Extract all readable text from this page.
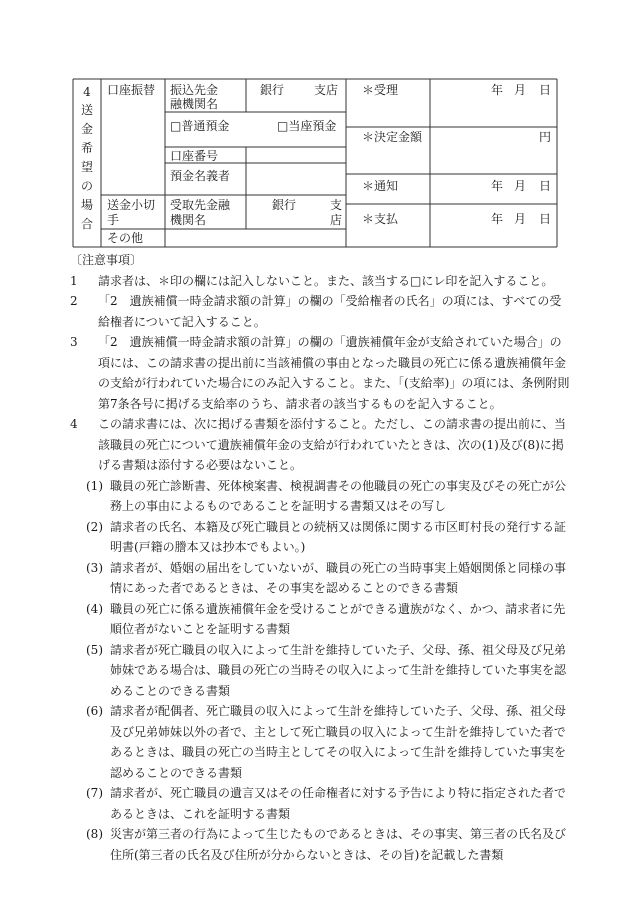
4
送
金
希
望
の
場
合
口座振替 振込先金
融機関名
銀行 支店
□普通預金	□当座預金
口座番号
預金名義者
送金小切
手
受取先金融
機関名
銀行	支
店
その他
＊受理
＊決定金額
＊通知
＊支払
円
年 月 日
年 月 日
年 月 日

〔注意事項〕

1 請求者は、＊印の欄には記入しないこと。また、該当する□にレ印を記入すること。

2 「2　遺族補償一時金請求額の計算」の欄の「受給権者の氏名」の項には、すべての受給権者について記入すること。

3 「2　遺族補償一時金請求額の計算」の欄の「遺族補償年金が支給されていた場合」の項には、この請求書の提出前に当該補償の事由となった職員の死亡に係る遺族補償年金の支給が行われていた場合にのみ記入すること。また、「(支給率)」の項には、条例附則第7条各号に掲げる支給率のうち、請求者の該当するものを記入すること。

4 この請求書には、次に掲げる書類を添付すること。ただし、この請求書の提出前に、当該職員の死亡について遺族補償年金の支給が行われていたときは、次の(1)及び(8)に掲げる書類は添付する必要はないこと。

(1) 職員の死亡診断書、死体検案書、検視調書その他職員の死亡の事実及びその死亡が公務上の事由によるものであることを証明する書類又はその写し

(2) 請求者の氏名、本籍及び死亡職員との続柄又は関係に関する市区町村長の発行する証明書(戸籍の謄本又は抄本でもよい。)

(3) 請求者が、婚姻の届出をしていないが、職員の死亡の当時事実上婚姻関係と同様の事情にあった者であるときは、その事実を認めることのできる書類

(4) 職員の死亡に係る遺族補償年金を受けることができる遺族がなく、かつ、請求者に先順位者がないことを証明する書類

(5) 請求者が死亡職員の収入によって生計を維持していた子、父母、孫、祖父母及び兄弟姉妹である場合は、職員の死亡の当時その収入によって生計を維持していた事実を認めることのできる書類

(6) 請求者が配偶者、死亡職員の収入によって生計を維持していた子、父母、孫、祖父母及び兄弟姉妹以外の者で、主として死亡職員の収入によって生計を維持していた者であるときは、職員の死亡の当時主としてその収入によって生計を維持していた事実を認めることのできる書類

(7) 請求者が、死亡職員の遺言又はその任命権者に対する予告により特に指定された者であるときは、これを証明する書類

(8) 災害が第三者の行為によって生じたものであるときは、その事実、第三者の氏名及び住所(第三者の氏名及び住所が分からないときは、その旨)を記載した書類
